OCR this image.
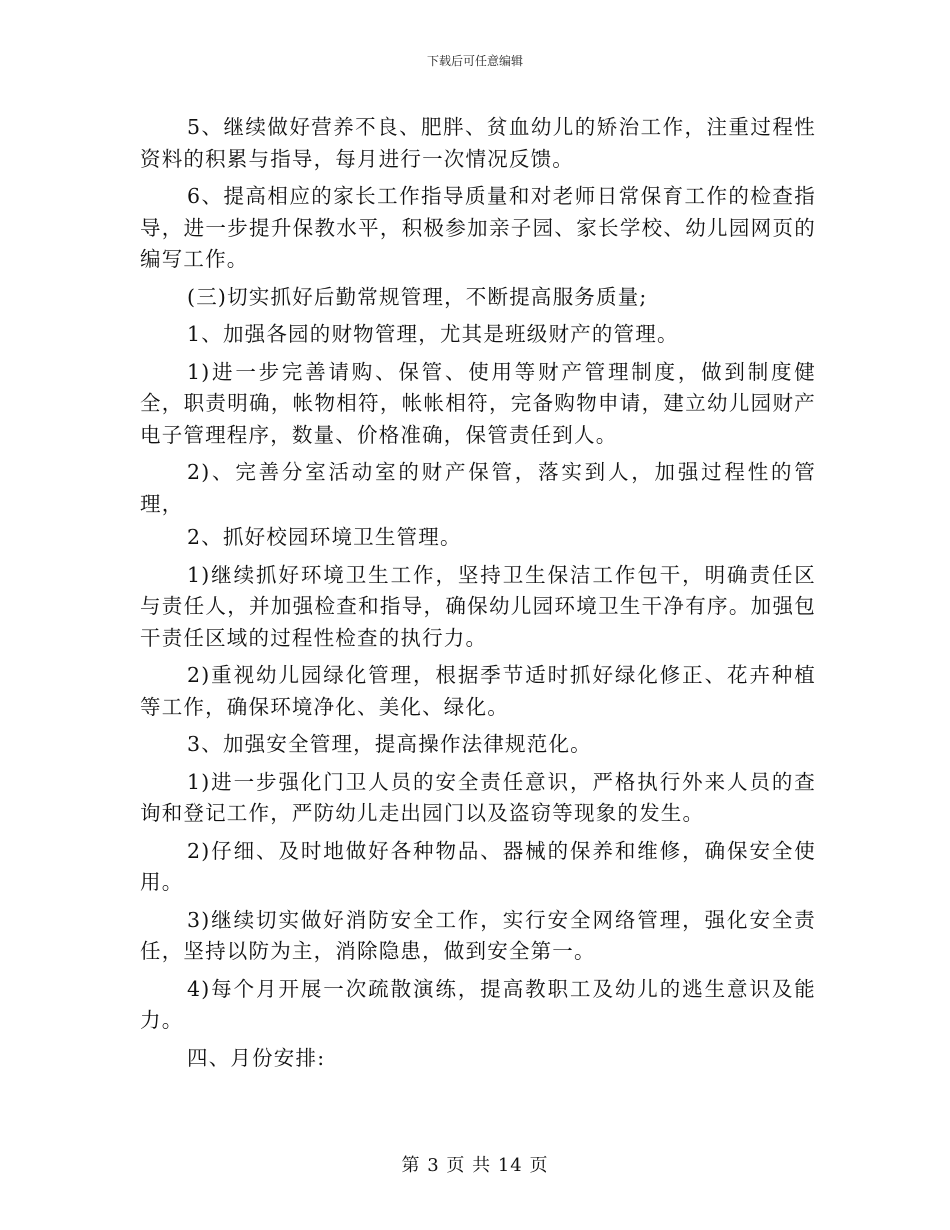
下载后可任意编辑

5、继续做好营养不良、肥胖、贫血幼儿的矫治工作，注重过程性资料的积累与指导，每月进行一次情况反馈。

6、提高相应的家长工作指导质量和对老师日常保育工作的检查指导，进一步提升保教水平，积极参加亲子园、家长学校、幼儿园网页的编写工作。

(三)切实抓好后勤常规管理，不断提高服务质量;

1、加强各园的财物管理，尤其是班级财产的管理。

1)进一步完善请购、保管、使用等财产管理制度，做到制度健全，职责明确，帐物相符，帐帐相符，完备购物申请，建立幼儿园财产电子管理程序，数量、价格准确，保管责任到人。

2)、完善分室活动室的财产保管，落实到人，加强过程性的管理，

2、抓好校园环境卫生管理。

1)继续抓好环境卫生工作，坚持卫生保洁工作包干，明确责任区与责任人，并加强检查和指导，确保幼儿园环境卫生干净有序。加强包干责任区域的过程性检查的执行力。

2)重视幼儿园绿化管理，根据季节适时抓好绿化修正、花卉种植等工作，确保环境净化、美化、绿化。

3、加强安全管理，提高操作法律规范化。

1)进一步强化门卫人员的安全责任意识，严格执行外来人员的查询和登记工作，严防幼儿走出园门以及盗窃等现象的发生。

2)仔细、及时地做好各种物品、器械的保养和维修，确保安全使用。

3)继续切实做好消防安全工作，实行安全网络管理，强化安全责任，坚持以防为主，消除隐患，做到安全第一。

4)每个月开展一次疏散演练，提高教职工及幼儿的逃生意识及能力。

四、月份安排:

第 3 页 共 14 页
